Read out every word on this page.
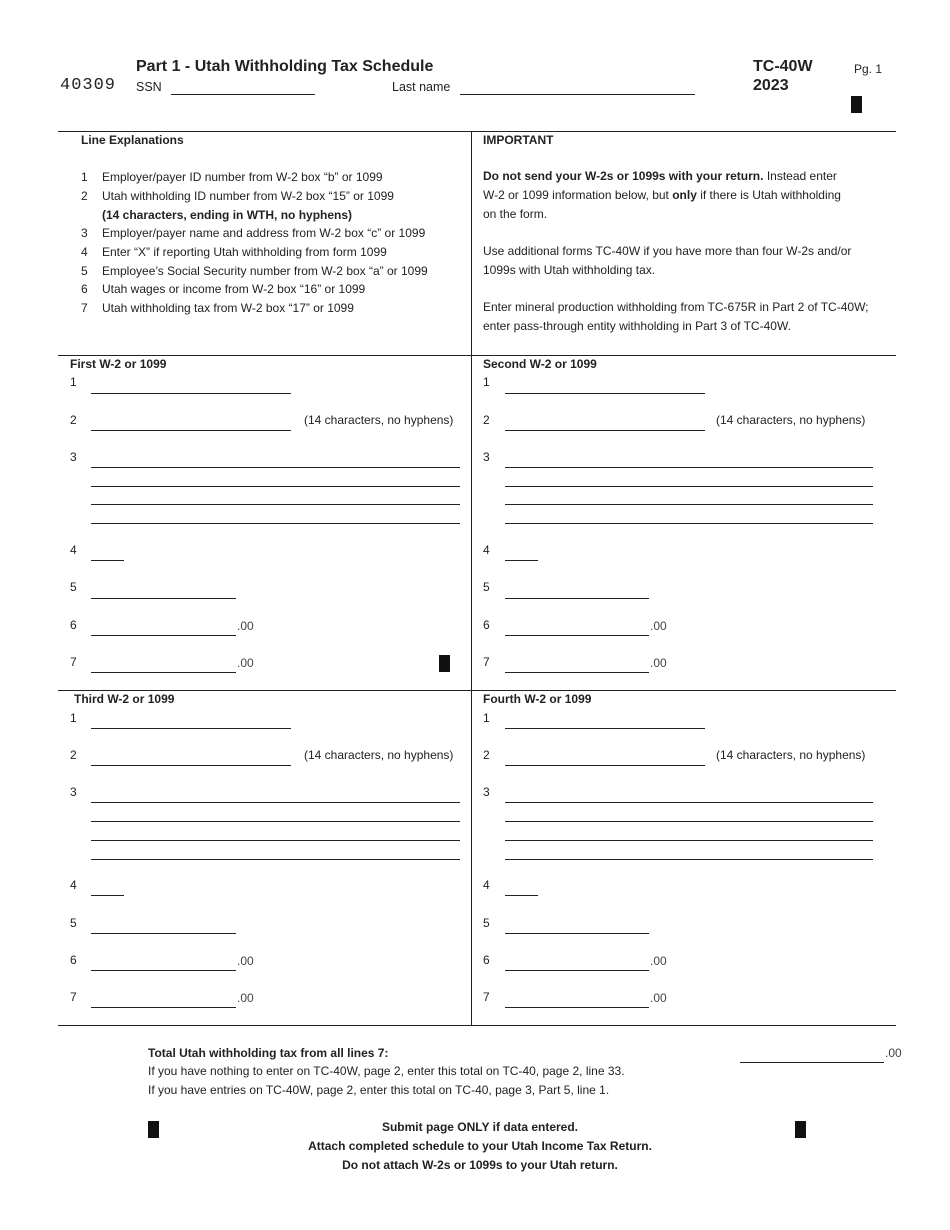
40309
Part 1 - Utah Withholding Tax Schedule
SSN	Last name
TC-40W
2023
Pg. 1
Line Explanations
1 Employer/payer ID number from W-2 box “b” or 1099
2 Utah withholding ID number from W-2 box “15” or 1099
(14 characters, ending in WTH, no hyphens)
3 Employer/payer name and address from W-2 box “c” or 1099
4 Enter “X” if reporting Utah withholding from form 1099
5 Employee’s Social Security number from W-2 box “a” or 1099
6 Utah wages or income from W-2 box “16” or 1099
7 Utah withholding tax from W-2 box “17” or 1099
IMPORTANT

Do not send your W-2s or 1099s with your return. Instead enter

W-2 or 1099 information below, but only if there is Utah withholding

on the form.

Use additional forms TC-40W if you have more than four W-2s and/or

1099s with Utah withholding tax.

Enter mineral production withholding from TC-675R in Part 2 of TC-40W;

enter pass-through entity withholding in Part 3 of TC-40W.

First W-2 or 1099
1
2	(14 characters, no hyphens)
3
4
5
6	.00
7	.00
Second W-2 or 1099
1
2	(14 characters, no hyphens)
3
4
5
6	.00
7	.00
Third W-2 or 1099
1
2	(14 characters, no hyphens)
3
4
5
6	.00
7	.00
Fourth W-2 or 1099
1
2	(14 characters, no hyphens)
3
4
5
6	.00
7	.00
Total Utah withholding tax from all lines 7:
If you have nothing to enter on TC-40W, page 2, enter this total on TC-40, page 2, line 33.
If you have entries on TC-40W, page 2, enter this total on TC-40, page 3, Part 5, line 1.
.00
Submit page ONLY if data entered.
Attach completed schedule to your Utah Income Tax Return.
Do not attach W-2s or 1099s to your Utah return.
